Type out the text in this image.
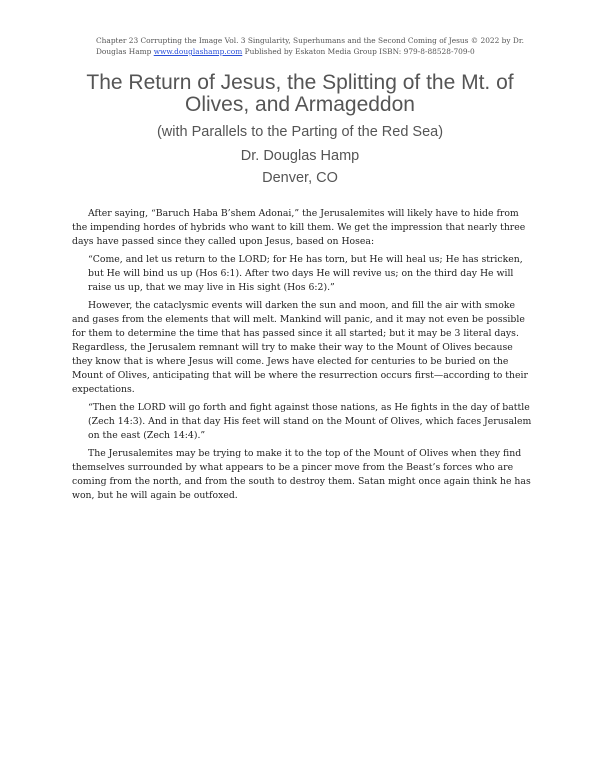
Chapter 23 Corrupting the Image Vol. 3 Singularity, Superhumans and the Second Coming of Jesus © 2022 by Dr. Douglas Hamp www.douglashamp.com Published by Eskaton Media Group ISBN: 979-8-88528-709-0
The Return of Jesus, the Splitting of the Mt. of Olives, and Armageddon
(with Parallels to the Parting of the Red Sea)
Dr. Douglas Hamp
Denver, CO

After saying, “Baruch Haba B’shem Adonai,” the Jerusalemites will likely have to hide from the impending hordes of hybrids who want to kill them. We get the impression that nearly three days have passed since they called upon Jesus, based on Hosea:

“Come, and let us return to the LORD; for He has torn, but He will heal us; He has stricken, but He will bind us up (Hos 6:1). After two days He will revive us; on the third day He will raise us up, that we may live in His sight (Hos 6:2).”

However, the cataclysmic events will darken the sun and moon, and fill the air with smoke and gases from the elements that will melt. Mankind will panic, and it may not even be possible for them to determine the time that has passed since it all started; but it may be 3 literal days. Regardless, the Jerusalem remnant will try to make their way to the Mount of Olives because they know that is where Jesus will come. Jews have elected for centuries to be buried on the Mount of Olives, anticipating that will be where the resurrection occurs first—according to their expectations.

“Then the LORD will go forth and fight against those nations, as He fights in the day of battle (Zech 14:3). And in that day His feet will stand on the Mount of Olives, which faces Jerusalem on the east (Zech 14:4).”

The Jerusalemites may be trying to make it to the top of the Mount of Olives when they find themselves surrounded by what appears to be a pincer move from the Beast’s forces who are coming from the north, and from the south to destroy them. Satan might once again think he has won, but he will again be outfoxed.
